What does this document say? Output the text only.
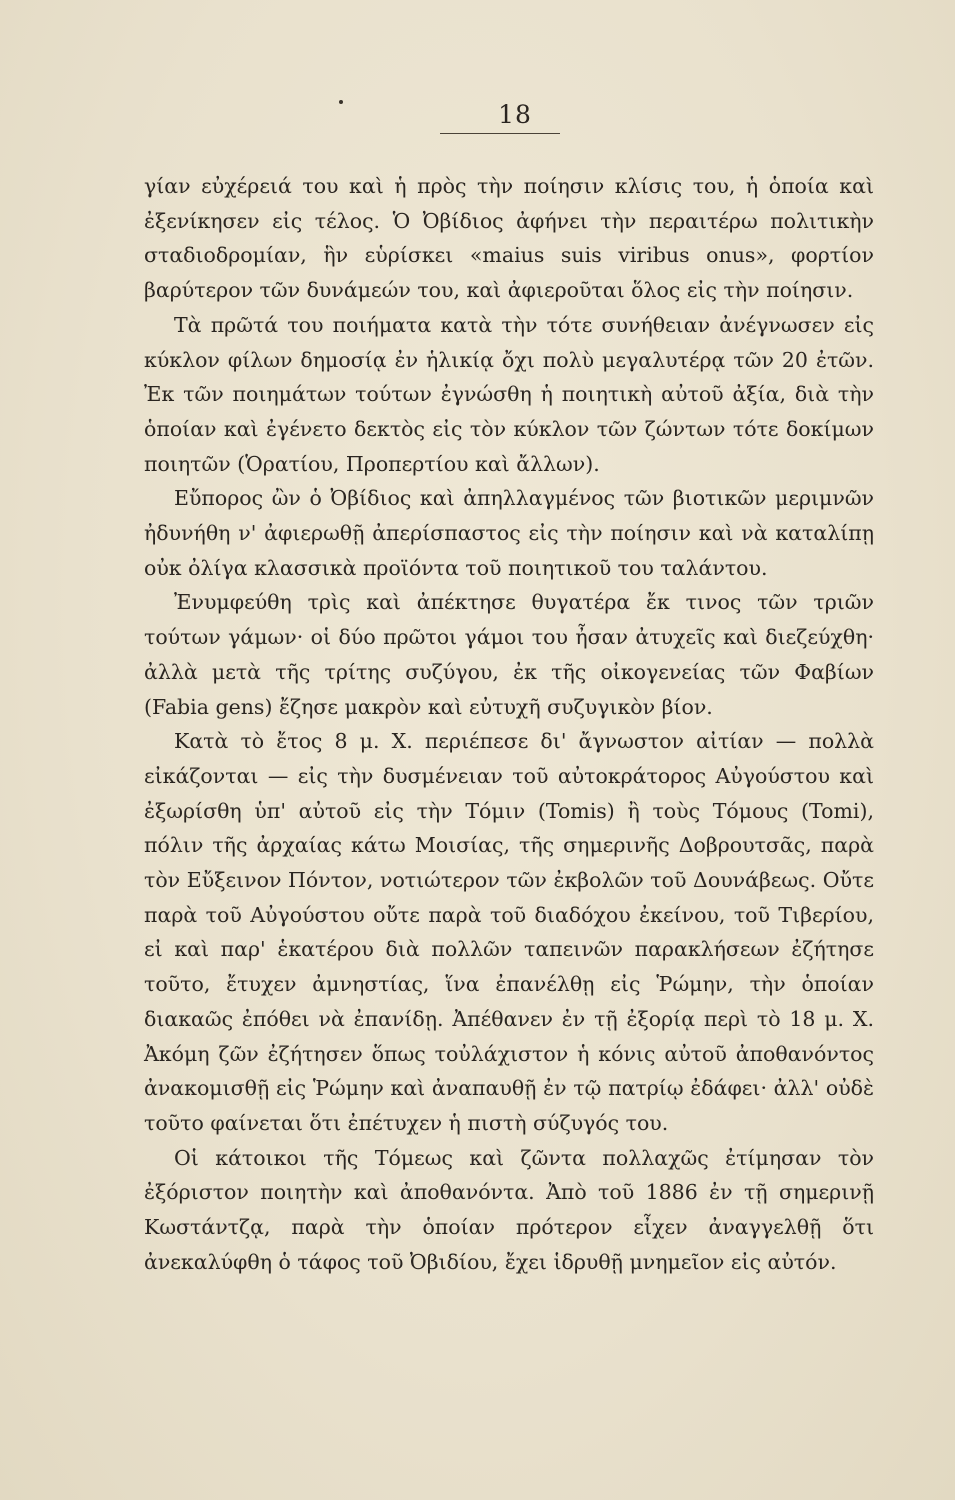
18

γίαν εὐχέρειά του καὶ ἡ πρὸς τὴν ποίησιν κλίσις του, ἡ ὁποία καὶ ἐξενίκησεν εἰς τέλος. Ὁ Ὀβίδιος ἀφήνει τὴν περαιτέρω πολιτικὴν σταδιοδρομίαν, ἣν εὑρίσκει «maius suis viribus onus», φορτίον βαρύτερον τῶν δυνάμεών του, καὶ ἀφιεροῦται ὅλος εἰς τὴν ποίησιν.

Τὰ πρῶτά του ποιήματα κατὰ τὴν τότε συνήθειαν ἀνέγνωσεν εἰς κύκλον φίλων δημοσίᾳ ἐν ἡλικίᾳ ὄχι πολὺ μεγαλυτέρᾳ τῶν 20 ἐτῶν. Ἐκ τῶν ποιημάτων τούτων ἐγνώσθη ἡ ποιητικὴ αὐτοῦ ἀξία, διὰ τὴν ὁποίαν καὶ ἐγένετο δεκτὸς εἰς τὸν κύκλον τῶν ζώντων τότε δοκίμων ποιητῶν (Ὁρατίου, Προπερτίου καὶ ἄλλων).

Εὔπορος ὢν ὁ Ὀβίδιος καὶ ἀπηλλαγμένος τῶν βιοτικῶν μεριμνῶν ἠδυνήθη ν' ἀφιερωθῇ ἀπερίσπαστος εἰς τὴν ποίησιν καὶ νὰ καταλίπῃ οὐκ ὀλίγα κλασσικὰ προϊόντα τοῦ ποιητικοῦ του ταλάντου.

Ἐνυμφεύθη τρὶς καὶ ἀπέκτησε θυγατέρα ἔκ τινος τῶν τριῶν τούτων γάμων· οἱ δύο πρῶτοι γάμοι του ἦσαν ἀτυχεῖς καὶ διεζεύχθη· ἀλλὰ μετὰ τῆς τρίτης συζύγου, ἐκ τῆς οἰκογενείας τῶν Φαβίων (Fabia gens) ἔζησε μακρὸν καὶ εὐτυχῆ συζυγικὸν βίον.

Κατὰ τὸ ἔτος 8 μ. Χ. περιέπεσε δι' ἄγνωστον αἰτίαν — πολλὰ εἰκάζονται — εἰς τὴν δυσμένειαν τοῦ αὐτοκράτορος Αὐγούστου καὶ ἐξωρίσθη ὑπ' αὐτοῦ εἰς τὴν Τόμιν (Tomis) ἢ τοὺς Τόμους (Tomi), πόλιν τῆς ἀρχαίας κάτω Μοισίας, τῆς σημερινῆς Δοβρουτσᾶς, παρὰ τὸν Εὔξεινον Πόντον, νοτιώτερον τῶν ἐκβολῶν τοῦ Δουνάβεως. Οὔτε παρὰ τοῦ Αὐγούστου οὔτε παρὰ τοῦ διαδόχου ἐκείνου, τοῦ Τιβερίου, εἰ καὶ παρ' ἑκατέρου διὰ πολλῶν ταπεινῶν παρακλήσεων ἐζήτησε τοῦτο, ἔτυχεν ἀμνηστίας, ἵνα ἐπανέλθῃ εἰς Ῥώμην, τὴν ὁποίαν διακαῶς ἐπόθει νὰ ἐπανίδῃ. Ἀπέθανεν ἐν τῇ ἐξορίᾳ περὶ τὸ 18 μ. Χ. Ἀκόμη ζῶν ἐζήτησεν ὅπως τοὐλάχιστον ἡ κόνις αὐτοῦ ἀποθανόντος ἀνακομισθῇ εἰς Ῥώμην καὶ ἀναπαυθῇ ἐν τῷ πατρίῳ ἐδάφει· ἀλλ' οὐδὲ τοῦτο φαίνεται ὅτι ἐπέτυχεν ἡ πιστὴ σύζυγός του.

Οἱ κάτοικοι τῆς Τόμεως καὶ ζῶντα πολλαχῶς ἐτίμησαν τὸν ἐξόριστον ποιητὴν καὶ ἀποθανόντα. Ἀπὸ τοῦ 1886 ἐν τῇ σημερινῇ Κωστάντζᾳ, παρὰ τὴν ὁποίαν πρότερον εἶχεν ἀναγγελθῇ ὅτι ἀνεκαλύφθη ὁ τάφος τοῦ Ὀβιδίου, ἔχει ἱδρυθῇ μνημεῖον εἰς αὐτόν.
